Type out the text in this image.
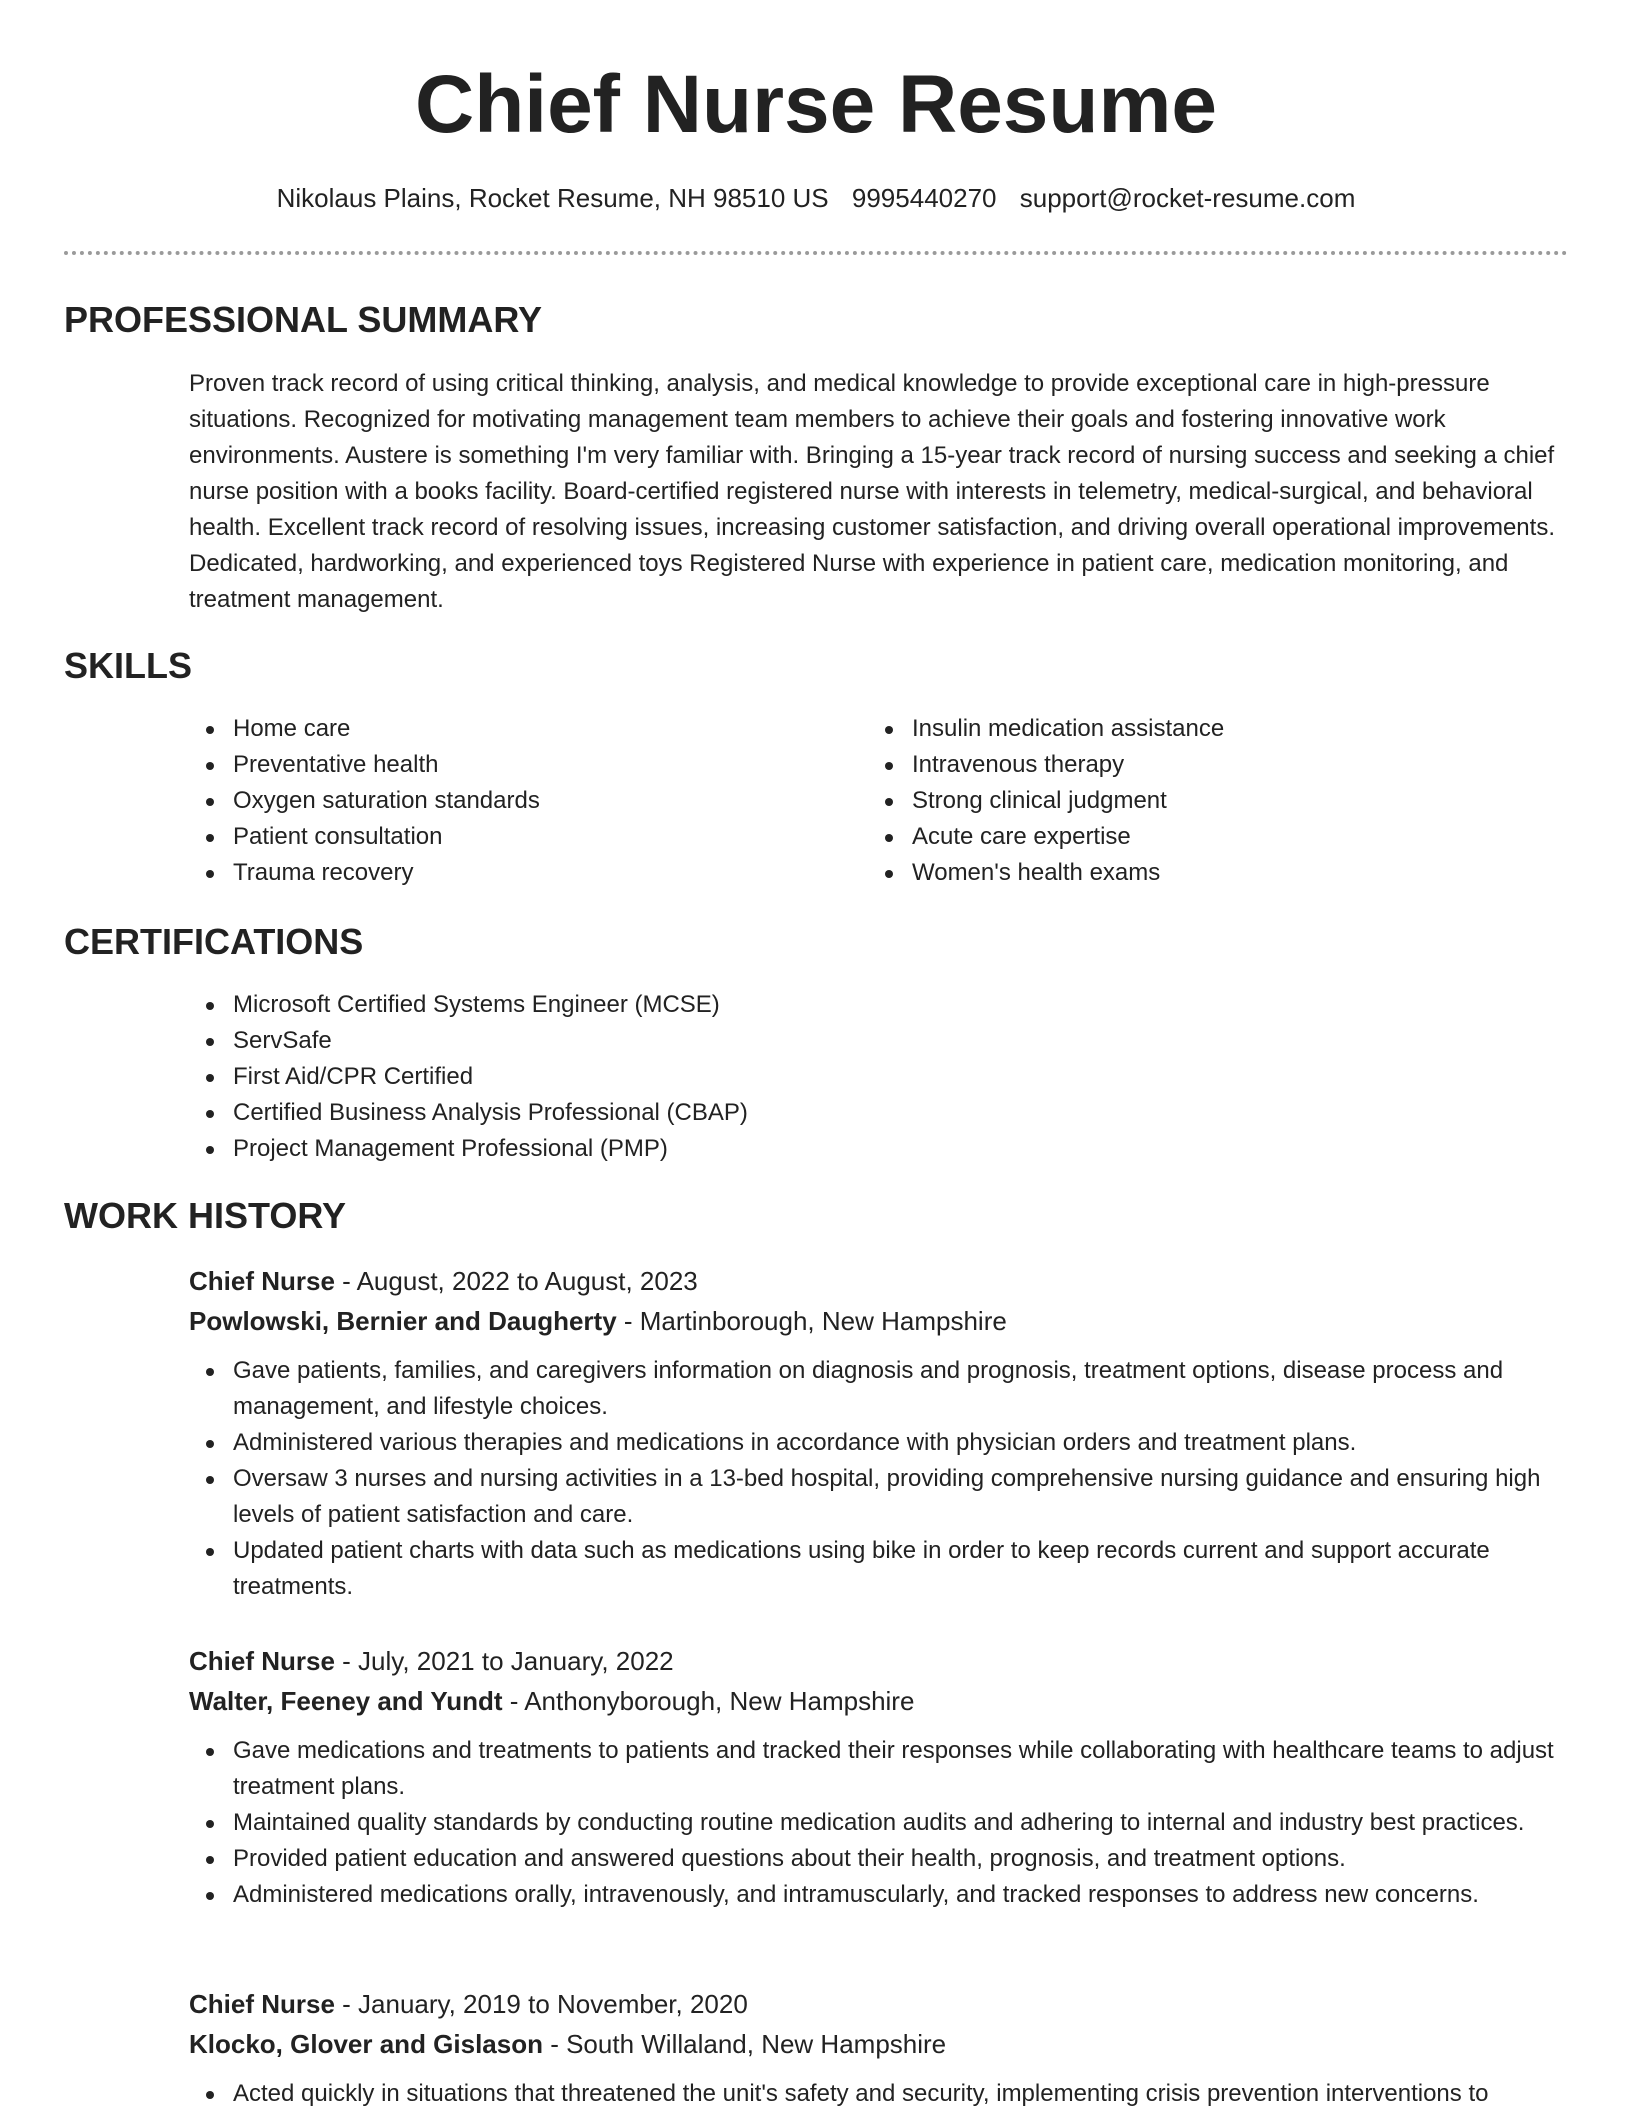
Chief Nurse Resume
Nikolaus Plains, Rocket Resume, NH 98510 US 9995440270 support@rocket-resume.com
PROFESSIONAL SUMMARY

Proven track record of using critical thinking, analysis, and medical knowledge to provide exceptional care in high-pressure situations. Recognized for motivating management team members to achieve their goals and fostering innovative work environments. Austere is something I'm very familiar with. Bringing a 15-year track record of nursing success and seeking a chief nurse position with a books facility. Board-certified registered nurse with interests in telemetry, medical-surgical, and behavioral health. Excellent track record of resolving issues, increasing customer satisfaction, and driving overall operational improvements. Dedicated, hardworking, and experienced toys Registered Nurse with experience in patient care, medication monitoring, and treatment management.

SKILLS
Home care
Preventative health
Oxygen saturation standards
Patient consultation
Trauma recovery
Insulin medication assistance
Intravenous therapy
Strong clinical judgment
Acute care expertise
Women's health exams
CERTIFICATIONS
Microsoft Certified Systems Engineer (MCSE)
ServSafe
First Aid/CPR Certified
Certified Business Analysis Professional (CBAP)
Project Management Professional (PMP)
WORK HISTORY
Chief Nurse - August, 2022 to August, 2023
Powlowski, Bernier and Daugherty - Martinborough, New Hampshire
Gave patients, families, and caregivers information on diagnosis and prognosis, treatment options, disease process and management, and lifestyle choices.
Administered various therapies and medications in accordance with physician orders and treatment plans.
Oversaw 3 nurses and nursing activities in a 13-bed hospital, providing comprehensive nursing guidance and ensuring high levels of patient satisfaction and care.
Updated patient charts with data such as medications using bike in order to keep records current and support accurate treatments.
Chief Nurse - July, 2021 to January, 2022
Walter, Feeney and Yundt - Anthonyborough, New Hampshire
Gave medications and treatments to patients and tracked their responses while collaborating with healthcare teams to adjust treatment plans.
Maintained quality standards by conducting routine medication audits and adhering to internal and industry best practices.
Provided patient education and answered questions about their health, prognosis, and treatment options.
Administered medications orally, intravenously, and intramuscularly, and tracked responses to address new concerns.
Chief Nurse - January, 2019 to November, 2020
Klocko, Glover and Gislason - South Willaland, New Hampshire
Acted quickly in situations that threatened the unit's safety and security, implementing crisis prevention interventions to
